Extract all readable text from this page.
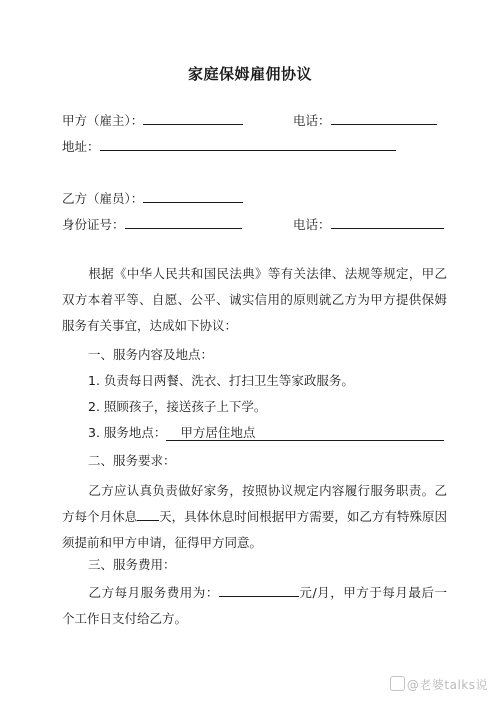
家庭保姆雇佣协议
甲方（雇主）：	电话：
地址：
乙方（雇员）：
身份证号：	电话：
根据《中华人民共和国民法典》等有关法律、法规等规定，甲乙双方本着平等、自愿、公平、诚实信用的原则就乙方为甲方提供保姆服务有关事宜，达成如下协议：
一、服务内容及地点：
1. 负责每日两餐、洗衣、打扫卫生等家政服务。
2. 照顾孩子，接送孩子上下学。
3. 服务地点： 甲方居住地点
二、服务要求：
乙方应认真负责做好家务，按照协议规定内容履行服务职责。乙方每个月休息 天，具体休息时间根据甲方需要，如乙方有特殊原因须提前和甲方申请，征得甲方同意。
三、服务费用：
乙方每月服务费用为：	元/月，甲方于每月最后一个工作日支付给乙方。
@老婆talks说
